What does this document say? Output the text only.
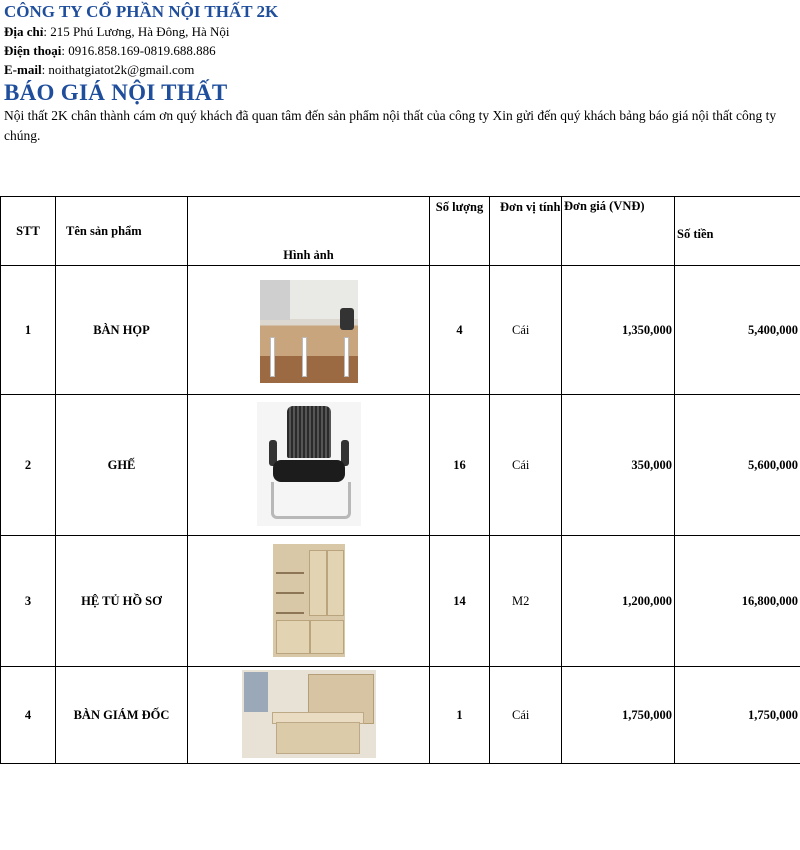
CÔNG TY CỔ PHẦN NỘI THẤT 2K

Địa chỉ: 215 Phú Lương, Hà Đông, Hà Nội

Điện thoại: 0916.858.169-0819.688.886

E-mail: noithatgiatot2k@gmail.com

BÁO GIÁ NỘI THẤT

Nội thất 2K chân thành cám ơn quý khách đã quan tâm đến sản phẩm nội thất của công ty Xin gửi đến quý khách bảng báo giá nội thất công ty chúng.

STT	Tên sản phẩm	Hình ảnh	Số lượng	Đơn vị tính	Đơn giá (VNĐ)	Số tiền
1	BÀN HỌP		4	Cái	1,350,000	5,400,000
2	GHẾ		16	Cái	350,000	5,600,000
3	HỆ TỦ HỒ SƠ		14	M2	1,200,000	16,800,000
4	BÀN GIÁM ĐỐC		1	Cái	1,750,000	1,750,000
